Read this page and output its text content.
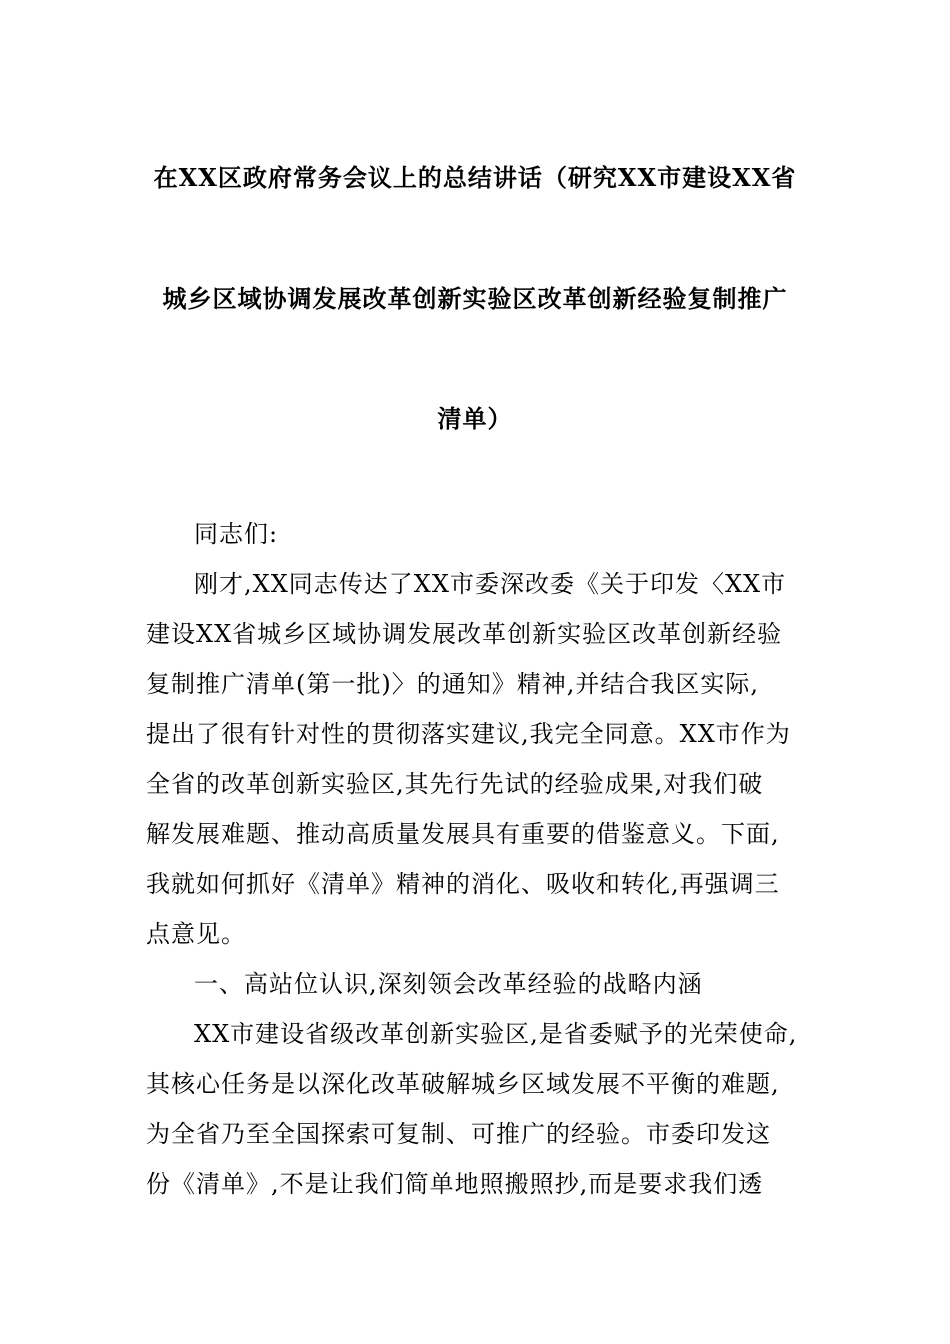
在XX区政府常务会议上的总结讲话（研究XX市建设XX省
城乡区域协调发展改革创新实验区改革创新经验复制推广
清单）

同志们:

刚才,XX同志传达了XX市委深改委《关于印发〈XX市
建设XX省城乡区域协调发展改革创新实验区改革创新经验
复制推广清单(第一批)〉的通知》精神,并结合我区实际,
提出了很有针对性的贯彻落实建议,我完全同意。XX市作为
全省的改革创新实验区,其先行先试的经验成果,对我们破
解发展难题、推动高质量发展具有重要的借鉴意义。下面,
我就如何抓好《清单》精神的消化、吸收和转化,再强调三
点意见。

一、高站位认识,深刻领会改革经验的战略内涵

XX市建设省级改革创新实验区,是省委赋予的光荣使命,
其核心任务是以深化改革破解城乡区域发展不平衡的难题,
为全省乃至全国探索可复制、可推广的经验。市委印发这
份《清单》,不是让我们简单地照搬照抄,而是要求我们透
